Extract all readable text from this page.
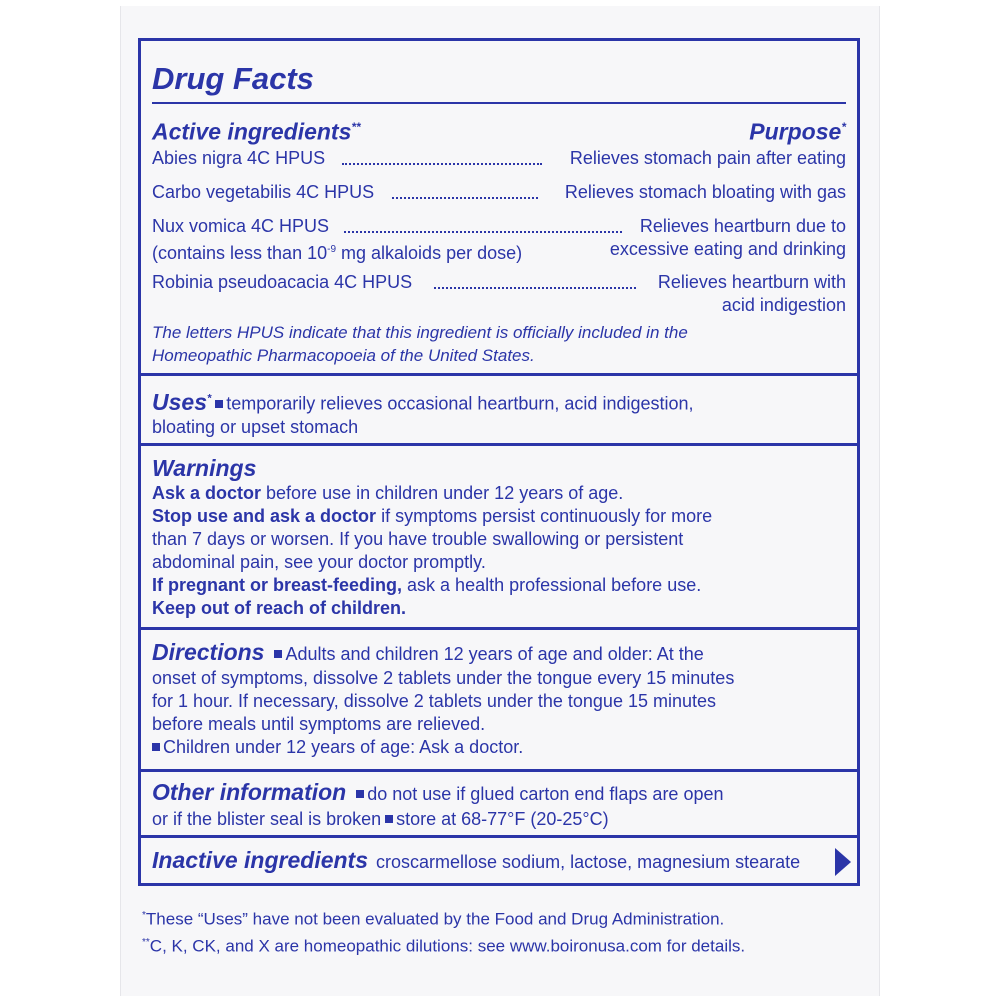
Drug Facts
Active ingredients**	Purpose*
Abies nigra 4C HPUS	Relieves stomach pain after eating
Carbo vegetabilis 4C HPUS	Relieves stomach bloating with gas
Nux vomica 4C HPUS	Relieves heartburn due to
(contains less than $10^{-9}$ mg alkaloids per dose)	excessive eating and drinking
Robinia pseudoacacia 4C HPUS	Relieves heartburn with
acid indigestion
The letters HPUS indicate that this ingredient is officially included in the
Homeopathic Pharmacopoeia of the United States.
Uses* temporarily relieves occasional heartburn, acid indigestion,
bloating or upset stomach
Warnings
Ask a doctor before use in children under 12 years of age.
Stop use and ask a doctor if symptoms persist continuously for more
than 7 days or worsen. If you have trouble swallowing or persistent
abdominal pain, see your doctor promptly.
If pregnant or breast-feeding, ask a health professional before use.
Keep out of reach of children.
Directions Adults and children 12 years of age and older: At the
onset of symptoms, dissolve 2 tablets under the tongue every 15 minutes
for 1 hour. If necessary, dissolve 2 tablets under the tongue 15 minutes
before meals until symptoms are relieved.
Children under 12 years of age: Ask a doctor.
Other information do not use if glued carton end flaps are open
or if the blister seal is broken store at 68-77°F (20-25°C)
Inactive ingredients croscarmellose sodium, lactose, magnesium stearate
*These “Uses” have not been evaluated by the Food and Drug Administration.
**C, K, CK, and X are homeopathic dilutions: see www.boironusa.com for details.
